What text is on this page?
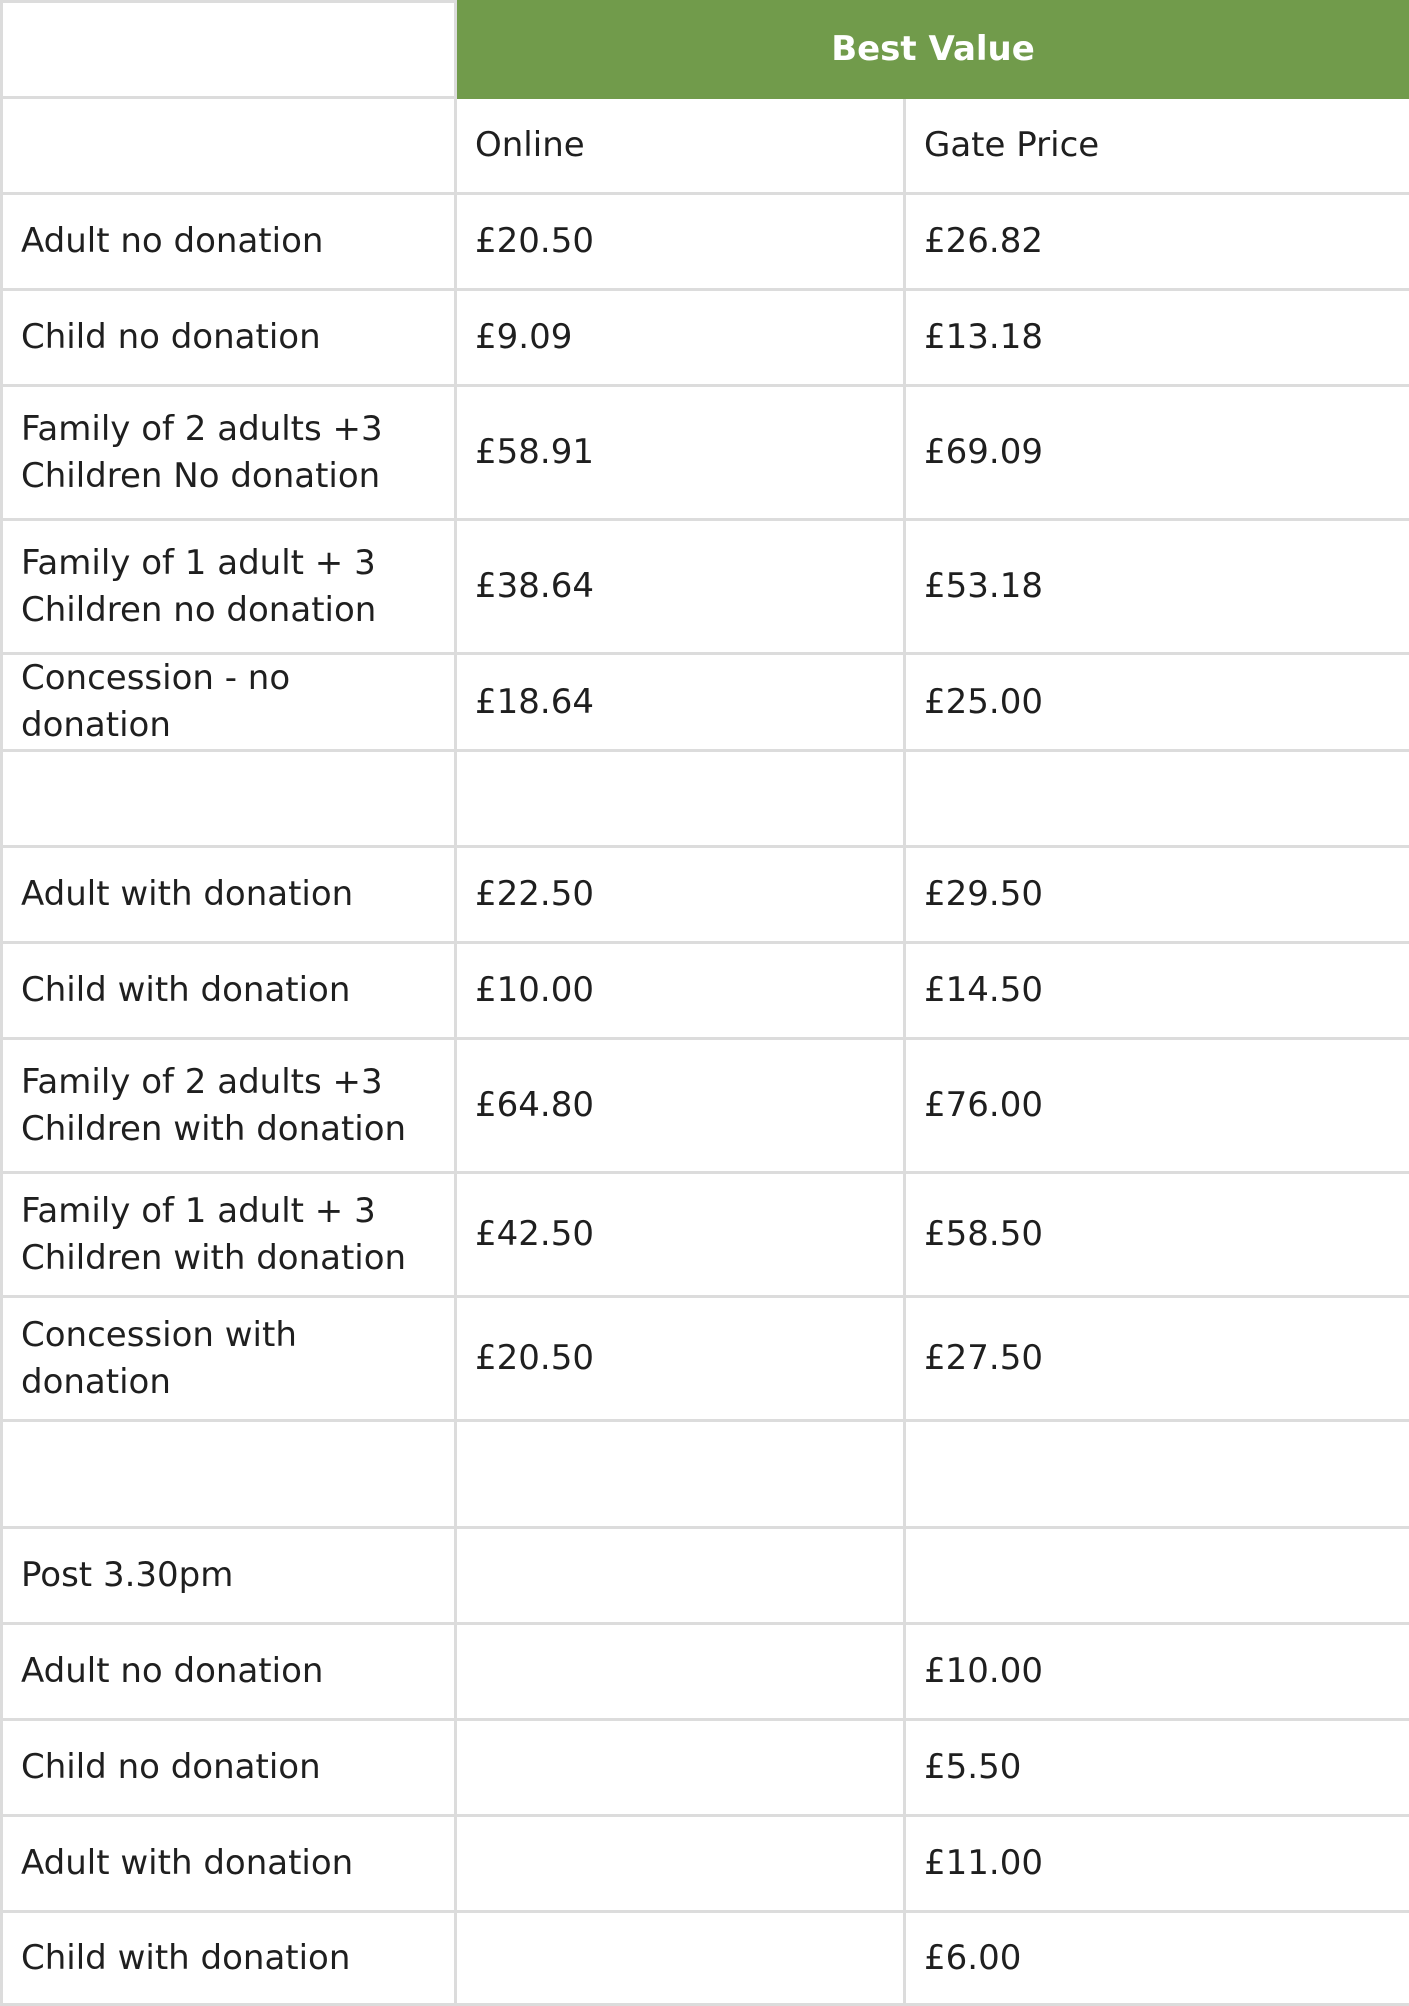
	Best Value	
	Online	Gate Price
Adult no donation	£20.50	£26.82
Child no donation	£9.09	£13.18
Family of 2 adults +3 Children No donation	£58.91	£69.09
Family of 1 adult + 3 Children no donation	£38.64	£53.18
Concession - no donation	£18.64	£25.00

Adult with donation	£22.50	£29.50
Child with donation	£10.00	£14.50
Family of 2 adults +3 Children with donation	£64.80	£76.00
Family of 1 adult + 3 Children with donation	£42.50	£58.50
Concession with donation	£20.50	£27.50

Post 3.30pm		
Adult no donation		£10.00
Child no donation		£5.50
Adult with donation		£11.00
Child with donation		£6.00
